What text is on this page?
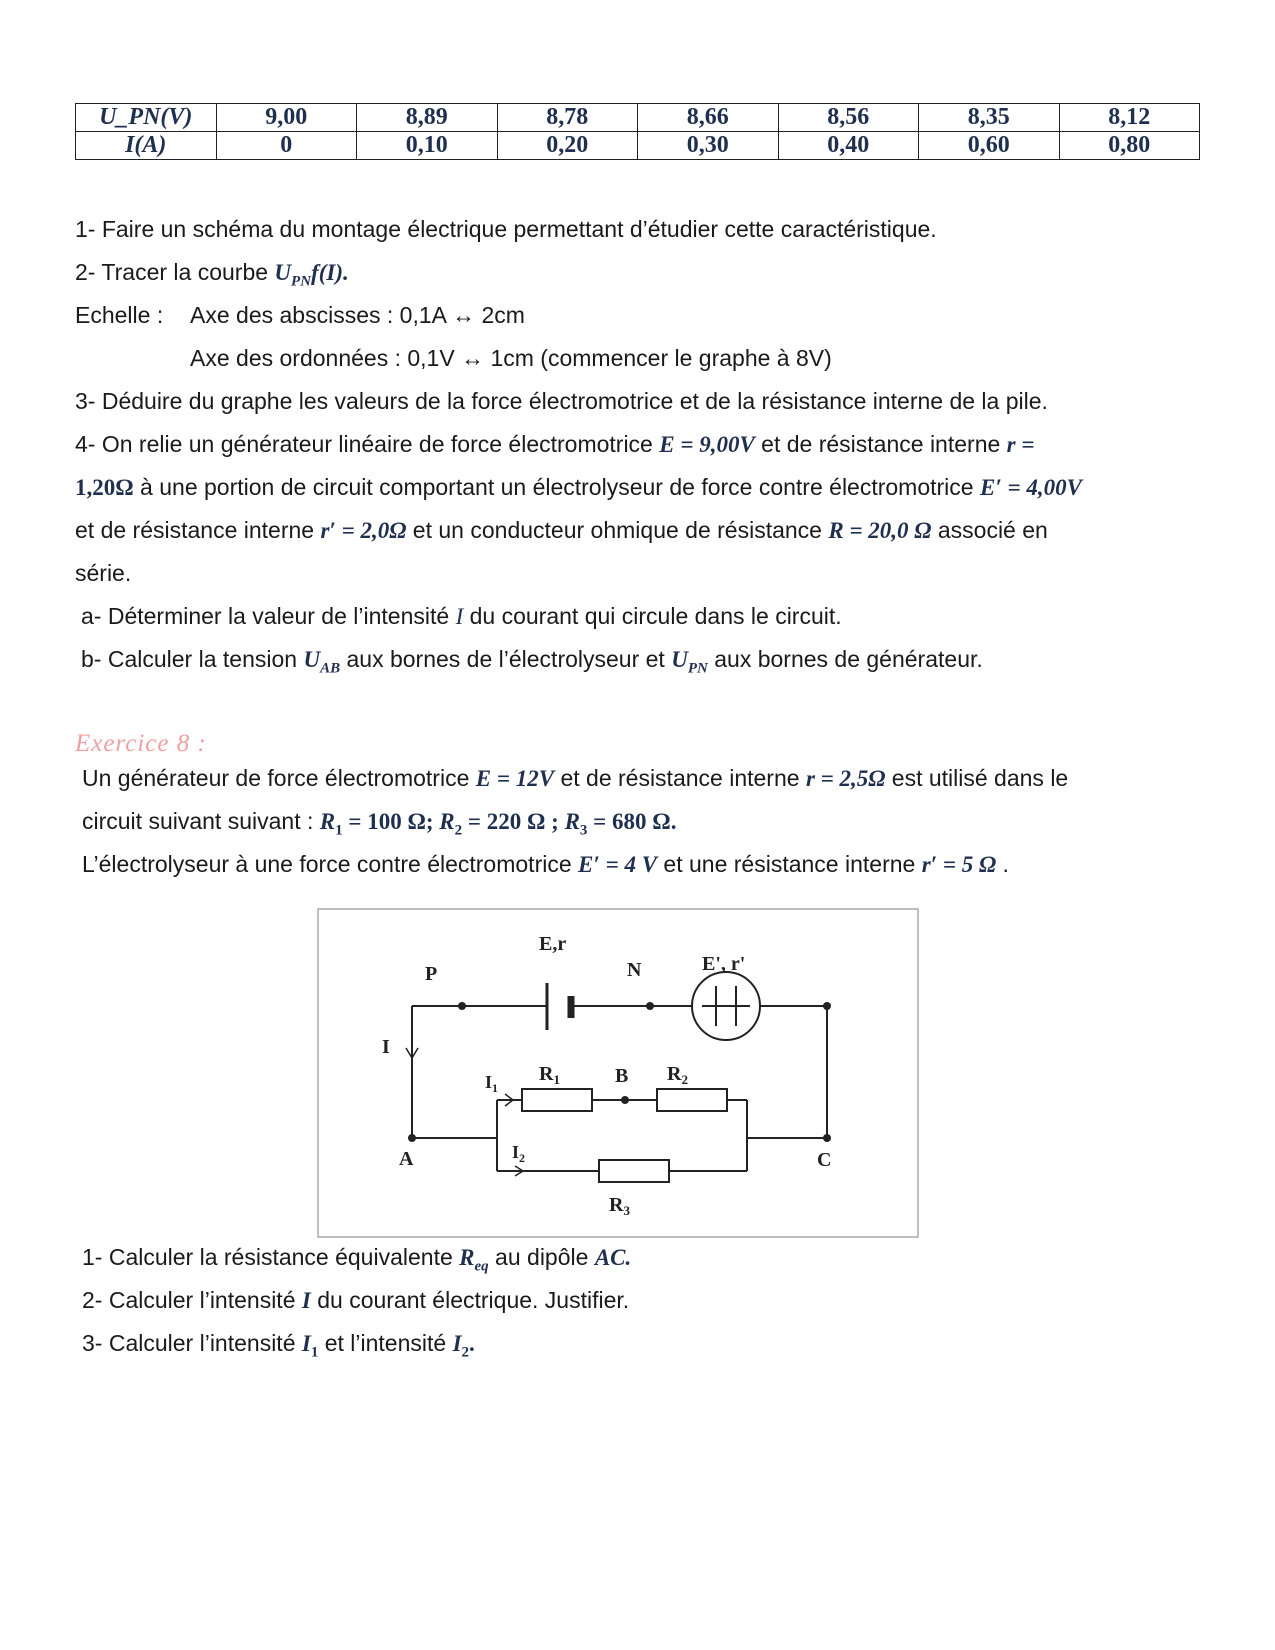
U_PN(V)	9,00	8,89	8,78	8,66	8,56	8,35	8,12
I(A)	0	0,10	0,20	0,30	0,40	0,60	0,80
1- Faire un schéma du montage électrique permettant d’étudier cette caractéristique.
2- Tracer la courbe $U_{PN}f(I)$.
Echelle : Axe des abscisses : 0,1A ↔ 2cm
Axe des ordonnées : 0,1V ↔ 1cm (commencer le graphe à 8V)
3- Déduire du graphe les valeurs de la force électromotrice et de la résistance interne de la pile.
4- On relie un générateur linéaire de force électromotrice E = 9,00V et de résistance interne r =
1,20Ω à une portion de circuit comportant un électrolyseur de force contre électromotrice E′ = 4,00V
et de résistance interne r′ = 2,0Ω et un conducteur ohmique de résistance R = 20,0 Ω associé en
série.
a- Déterminer la valeur de l’intensité I du courant qui circule dans le circuit.
b- Calculer la tension $U_{AB}$ aux bornes de l’électrolyseur et $U_{PN}$ aux bornes de générateur.
Exercice 8 :
Un générateur de force électromotrice E = 12V et de résistance interne r = 2,5Ω est utilisé dans le
circuit suivant suivant : $R_1 = 100$ Ω; $R_2 = 220$ Ω ; $R_3 = 680$ Ω.
L’électrolyseur à une force contre électromotrice E′ = 4 V et une résistance interne r′ = 5 Ω .
E,r
P	N	E', r'
I
$I_1$
$R_1$	B $R_2$
A	$I_2$	C
$R_3$
1- Calculer la résistance équivalente $R_{eq}$ au dipôle AC.
2- Calculer l’intensité I du courant électrique. Justifier.
3- Calculer l’intensité $I_1$ et l’intensité $I_2$.
